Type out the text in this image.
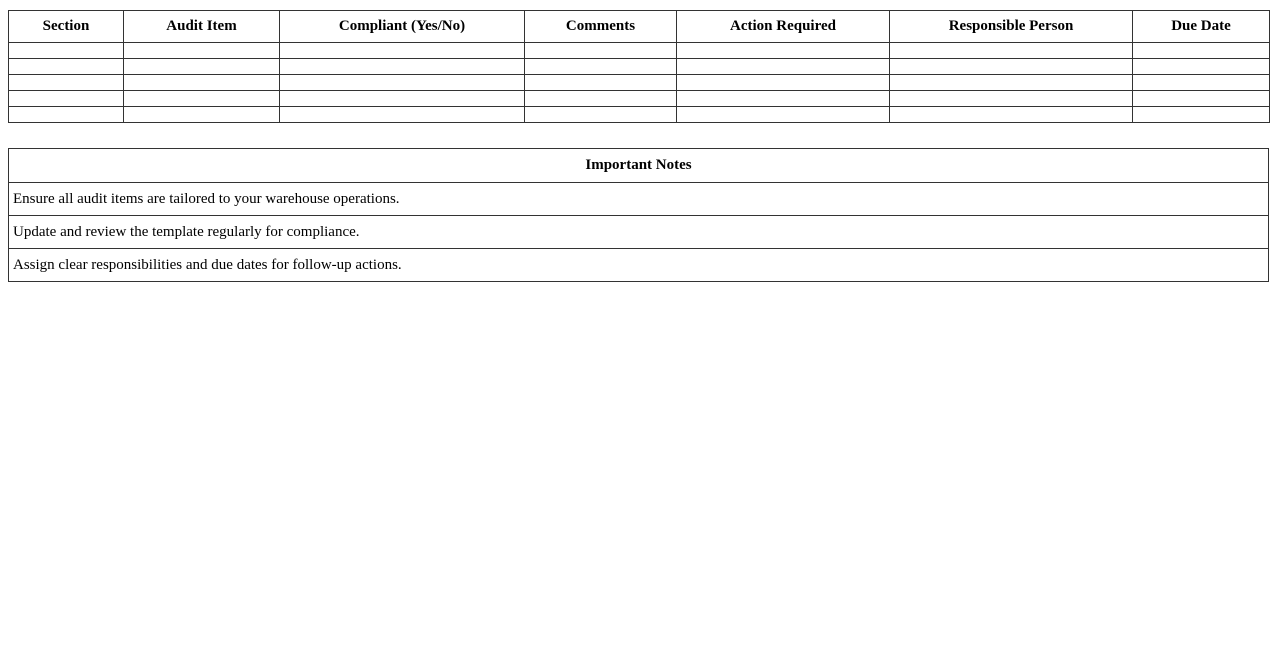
Section	Audit Item	Compliant (Yes/No)	Comments	Action Required	Responsible Person	Due Date

Important Notes
Ensure all audit items are tailored to your warehouse operations.
Update and review the template regularly for compliance.
Assign clear responsibilities and due dates for follow-up actions.
